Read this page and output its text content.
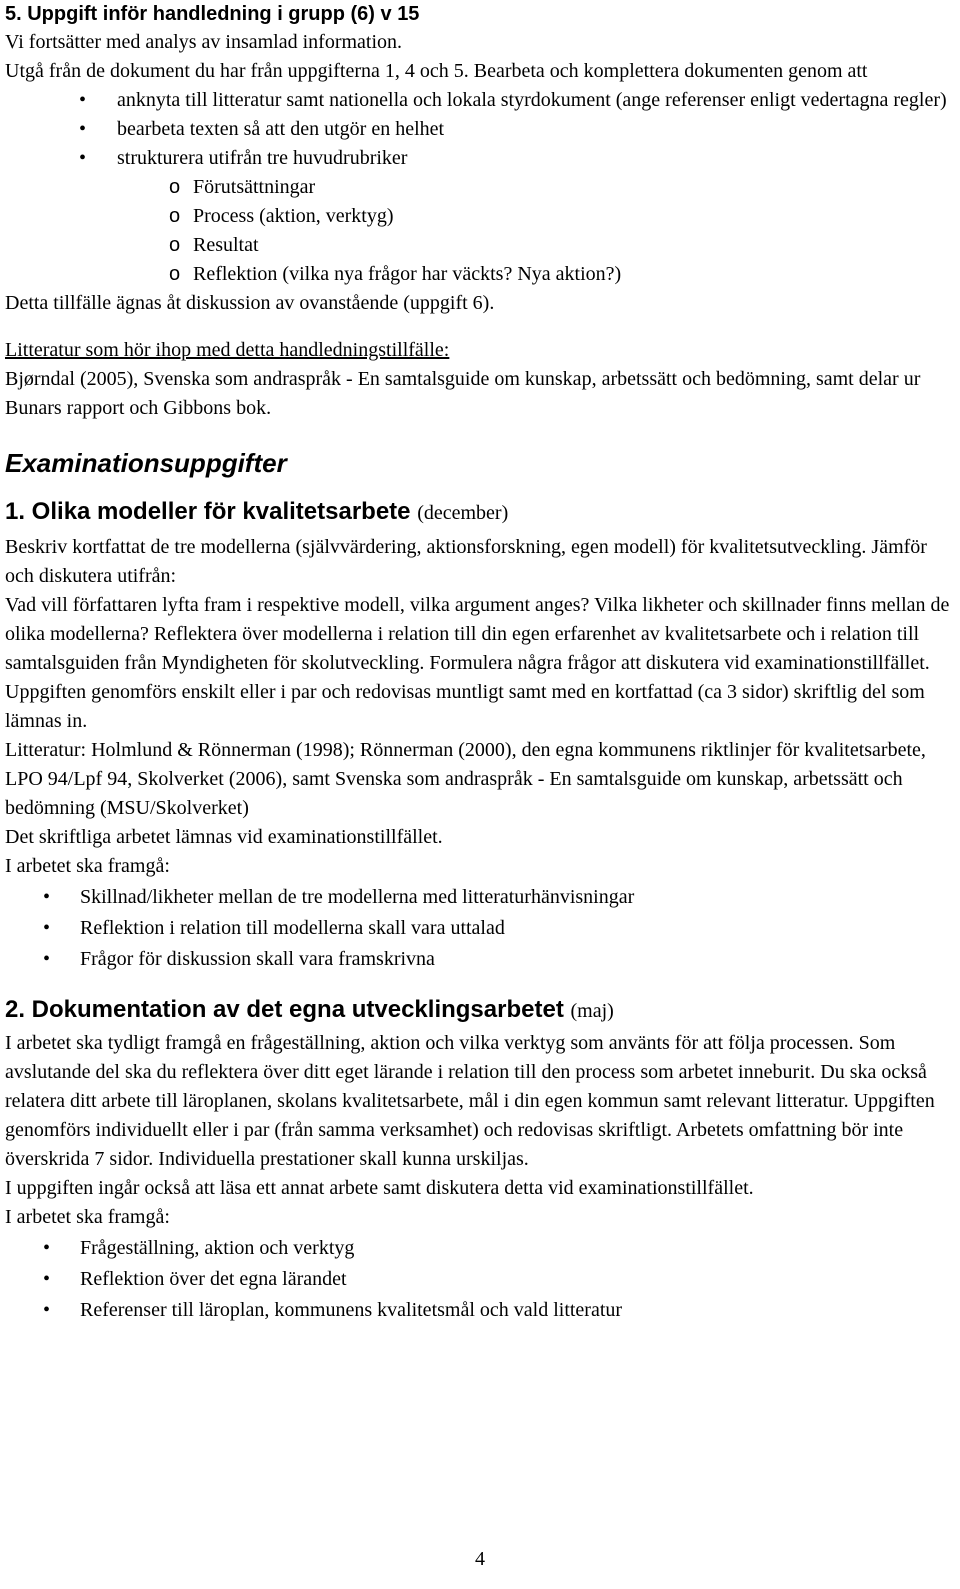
5. Uppgift inför handledning i grupp (6) v 15

Vi fortsätter med analys av insamlad information.

Utgå från de dokument du har från uppgifterna 1, 4 och 5. Bearbeta och komplettera dokumenten genom att

• anknyta till litteratur samt nationella och lokala styrdokument (ange referenser enligt vedertagna regler)
• bearbeta texten så att den utgör en helhet
• strukturera utifrån tre huvudrubriker
o Förutsättningar
o Process (aktion, verktyg)
o Resultat
o Reflektion (vilka nya frågor har väckts? Nya aktion?)

Detta tillfälle ägnas åt diskussion av ovanstående (uppgift 6).

Litteratur som hör ihop med detta handledningstillfälle:

Bjørndal (2005), Svenska som andraspråk - En samtalsguide om kunskap, arbetssätt och bedömning, samt delar ur Bunars rapport och Gibbons bok.

Examinationsuppgifter
1. Olika modeller för kvalitetsarbete (december)

Beskriv kortfattat de tre modellerna (självvärdering, aktionsforskning, egen modell) för kvalitetsutveckling. Jämför och diskutera utifrån:

Vad vill författaren lyfta fram i respektive modell, vilka argument anges? Vilka likheter och skillnader finns mellan de olika modellerna? Reflektera över modellerna i relation till din egen erfarenhet av kvalitetsarbete och i relation till samtalsguiden från Myndigheten för skolutveckling. Formulera några frågor att diskutera vid examinationstillfället.

Uppgiften genomförs enskilt eller i par och redovisas muntligt samt med en kortfattad (ca 3 sidor) skriftlig del som lämnas in.

Litteratur: Holmlund & Rönnerman (1998); Rönnerman (2000), den egna kommunens riktlinjer för kvalitetsarbete, LPO 94/Lpf 94, Skolverket (2006), samt Svenska som andraspråk - En samtalsguide om kunskap, arbetssätt och bedömning (MSU/Skolverket)

Det skriftliga arbetet lämnas vid examinationstillfället.

I arbetet ska framgå:

• Skillnad/likheter mellan de tre modellerna med litteraturhänvisningar
• Reflektion i relation till modellerna skall vara uttalad
• Frågor för diskussion skall vara framskrivna
2. Dokumentation av det egna utvecklingsarbetet (maj)

I arbetet ska tydligt framgå en frågeställning, aktion och vilka verktyg som använts för att följa processen. Som avslutande del ska du reflektera över ditt eget lärande i relation till den process som arbetet inneburit. Du ska också relatera ditt arbete till läroplanen, skolans kvalitetsarbete, mål i din egen kommun samt relevant litteratur. Uppgiften genomförs individuellt eller i par (från samma verksamhet) och redovisas skriftligt. Arbetets omfattning bör inte överskrida 7 sidor. Individuella prestationer skall kunna urskiljas.

I uppgiften ingår också att läsa ett annat arbete samt diskutera detta vid examinationstillfället.

I arbetet ska framgå:

• Frågeställning, aktion och verktyg
• Reflektion över det egna lärandet
• Referenser till läroplan, kommunens kvalitetsmål och vald litteratur
4
